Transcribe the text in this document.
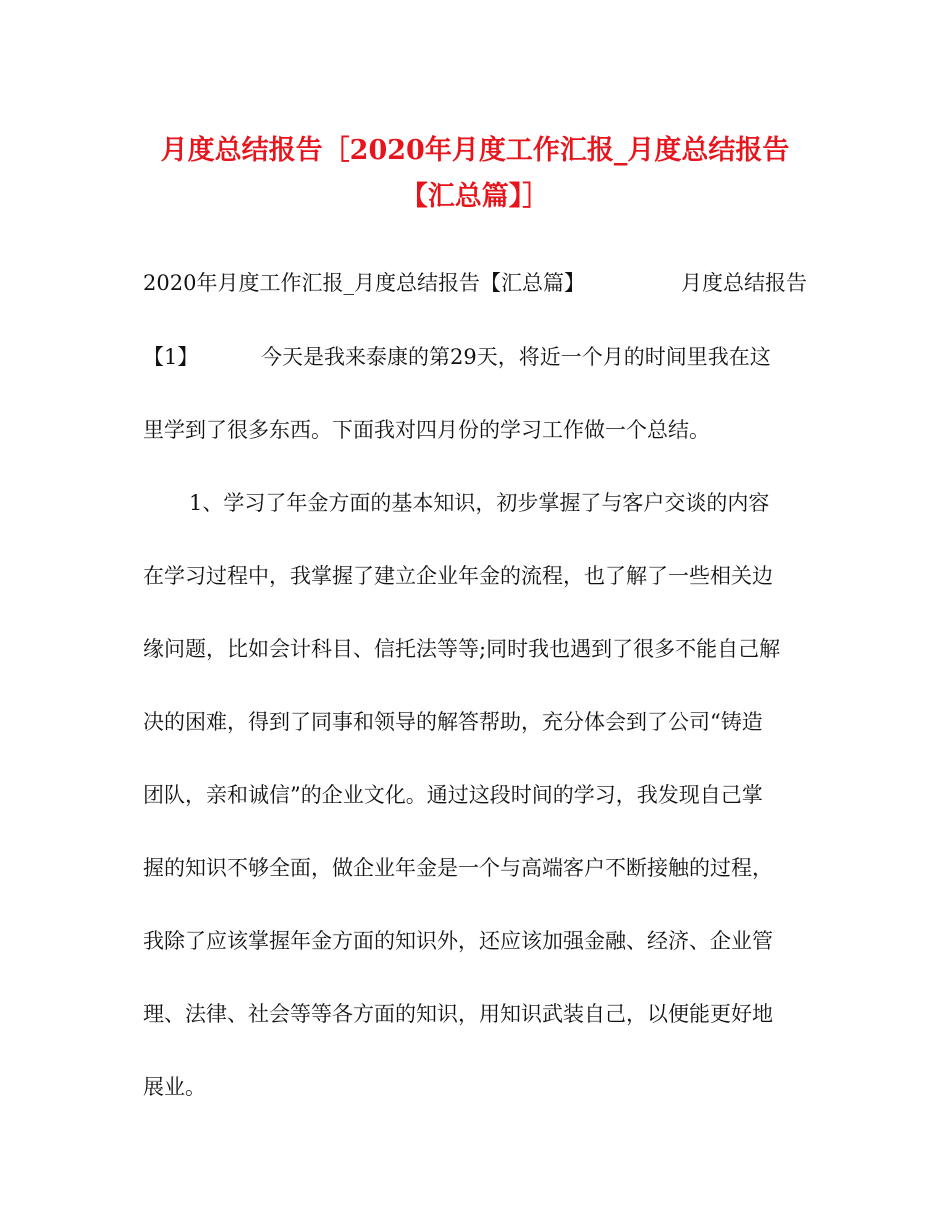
月度总结报告［2020年月度工作汇报_月度总结报告
【汇总篇】］
2020年月度工作汇报_月度总结报告【汇总篇】	月度总结报告
【1】	今天是我来泰康的第29天，将近一个月的时间里我在这
里学到了很多东西。下面我对四月份的学习工作做一个总结。
1、学习了年金方面的基本知识，初步掌握了与客户交谈的内容
在学习过程中，我掌握了建立企业年金的流程，也了解了一些相关边
缘问题，比如会计科目、信托法等等;同时我也遇到了很多不能自己解
决的困难，得到了同事和领导的解答帮助，充分体会到了公司“铸造
团队，亲和诚信”的企业文化。通过这段时间的学习，我发现自己掌
握的知识不够全面，做企业年金是一个与高端客户不断接触的过程，
我除了应该掌握年金方面的知识外，还应该加强金融、经济、企业管
理、法律、社会等等各方面的知识，用知识武装自己，以便能更好地
展业。
